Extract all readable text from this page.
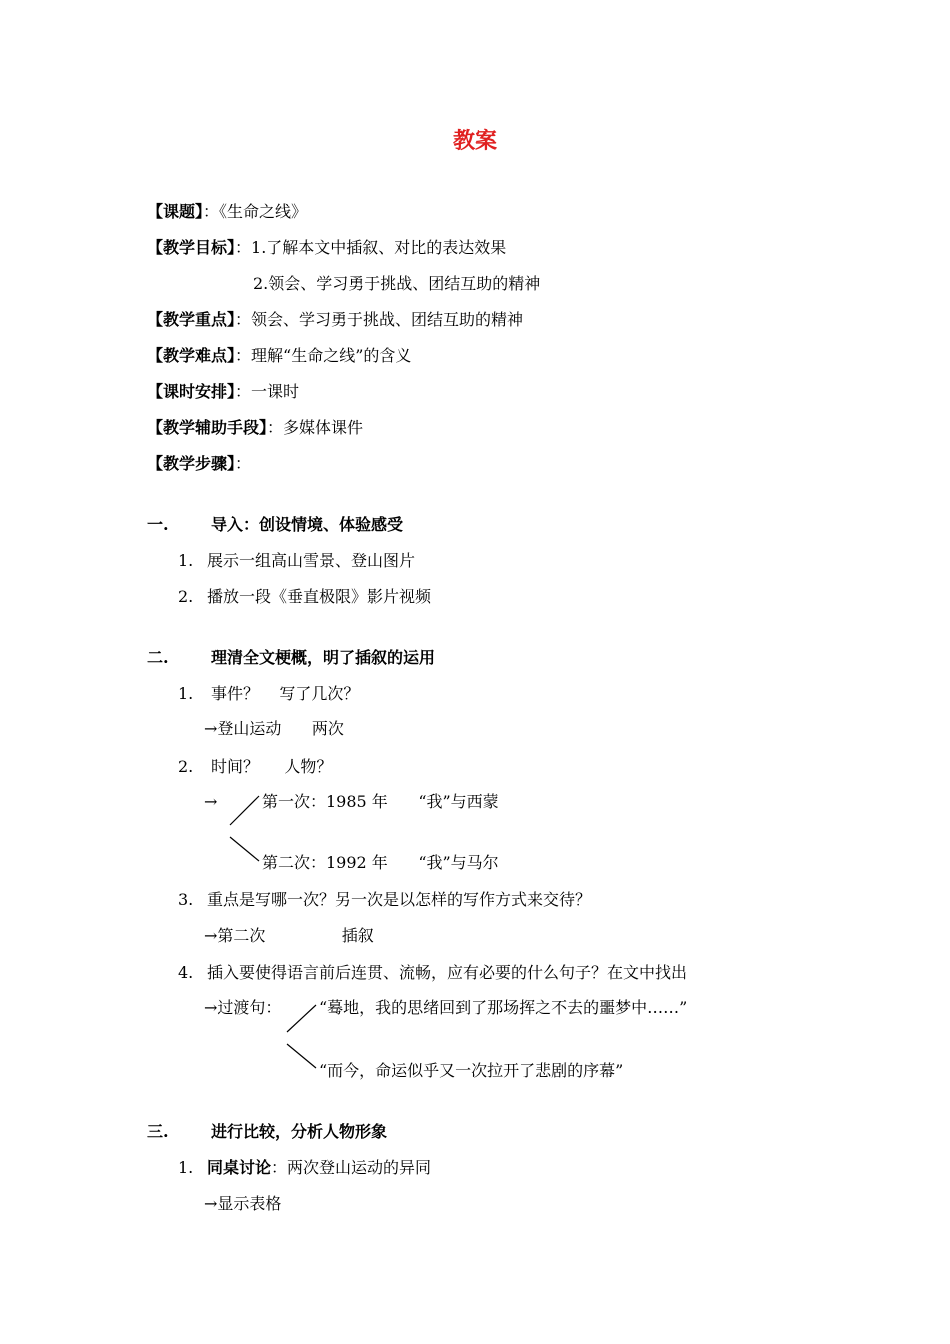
教案
【课题】：《生命之线》
【教学目标】：1.了解本文中插叙、对比的表达效果
2.领会、学习勇于挑战、团结互助的精神
【教学重点】：领会、学习勇于挑战、团结互助的精神
【教学难点】：理解“生命之线”的含义
【课时安排】：一课时
【教学辅助手段】：多媒体课件
【教学步骤】：
一.	导入：创设情境、体验感受
1. 展示一组高山雪景、登山图片
2. 播放一段《垂直极限》影片视频
二.	理清全文梗概，明了插叙的运用
1. 事件？    写了几次？
→登山运动      两次
2. 时间？     人物？
→	第一次：1985 年      “我”与西蒙
第二次：1992 年      “我”与马尔
3. 重点是写哪一次？另一次是以怎样的写作方式来交待？
→第二次               插叙
4. 插入要使得语言前后连贯、流畅，应有必要的什么句子？在文中找出
→过渡句： “蓦地，我的思绪回到了那场挥之不去的噩梦中……”
“而今，命运似乎又一次拉开了悲剧的序幕”
三.	进行比较，分析人物形象
1. 同桌讨论：两次登山运动的异同
→显示表格
